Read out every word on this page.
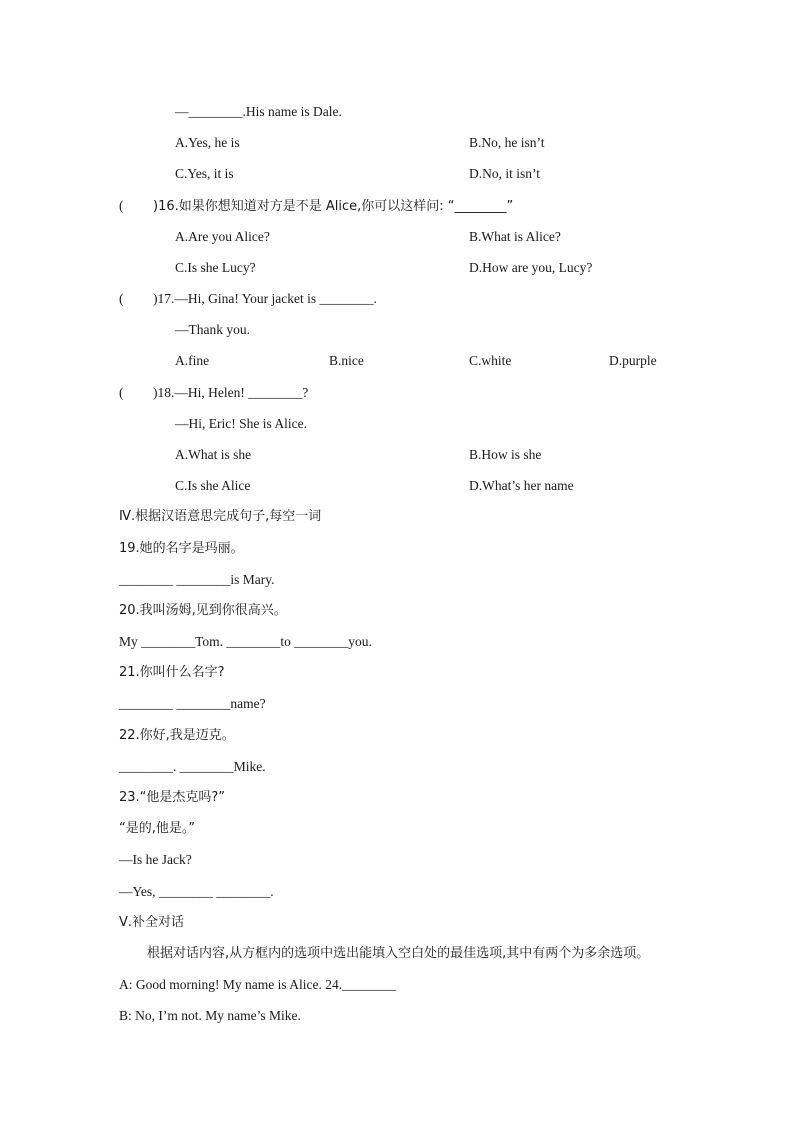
—________.His name is Dale.
A.Yes, he is	B.No, he isn’t
C.Yes, it is	D.No, it isn’t
( )16.如果你想知道对方是不是 Alice,你可以这样问: “________”
A.Are you Alice?	B.What is Alice?
C.Is she Lucy?	D.How are you, Lucy?
( )17.—Hi, Gina! Your jacket is ________.
—Thank you.
A.fine	B.nice	C.white	D.purple
( )18.—Hi, Helen! ________?
—Hi, Eric! She is Alice.
A.What is she	B.How is she
C.Is she Alice	D.What’s her name
Ⅳ.根据汉语意思完成句子,每空一词
19.她的名字是玛丽。
________ ________is Mary.
20.我叫汤姆,见到你很高兴。
My ________Tom. ________to ________you.
21.你叫什么名字?
________ ________name?
22.你好,我是迈克。
________. ________Mike.
23.“他是杰克吗?”
“是的,他是。”
—Is he Jack?
—Yes, ________ ________.
Ⅴ.补全对话
根据对话内容,从方框内的选项中选出能填入空白处的最佳选项,其中有两个为多余选项。
A: Good morning! My name is Alice. 24.________
B: No, I’m not. My name’s Mike.
